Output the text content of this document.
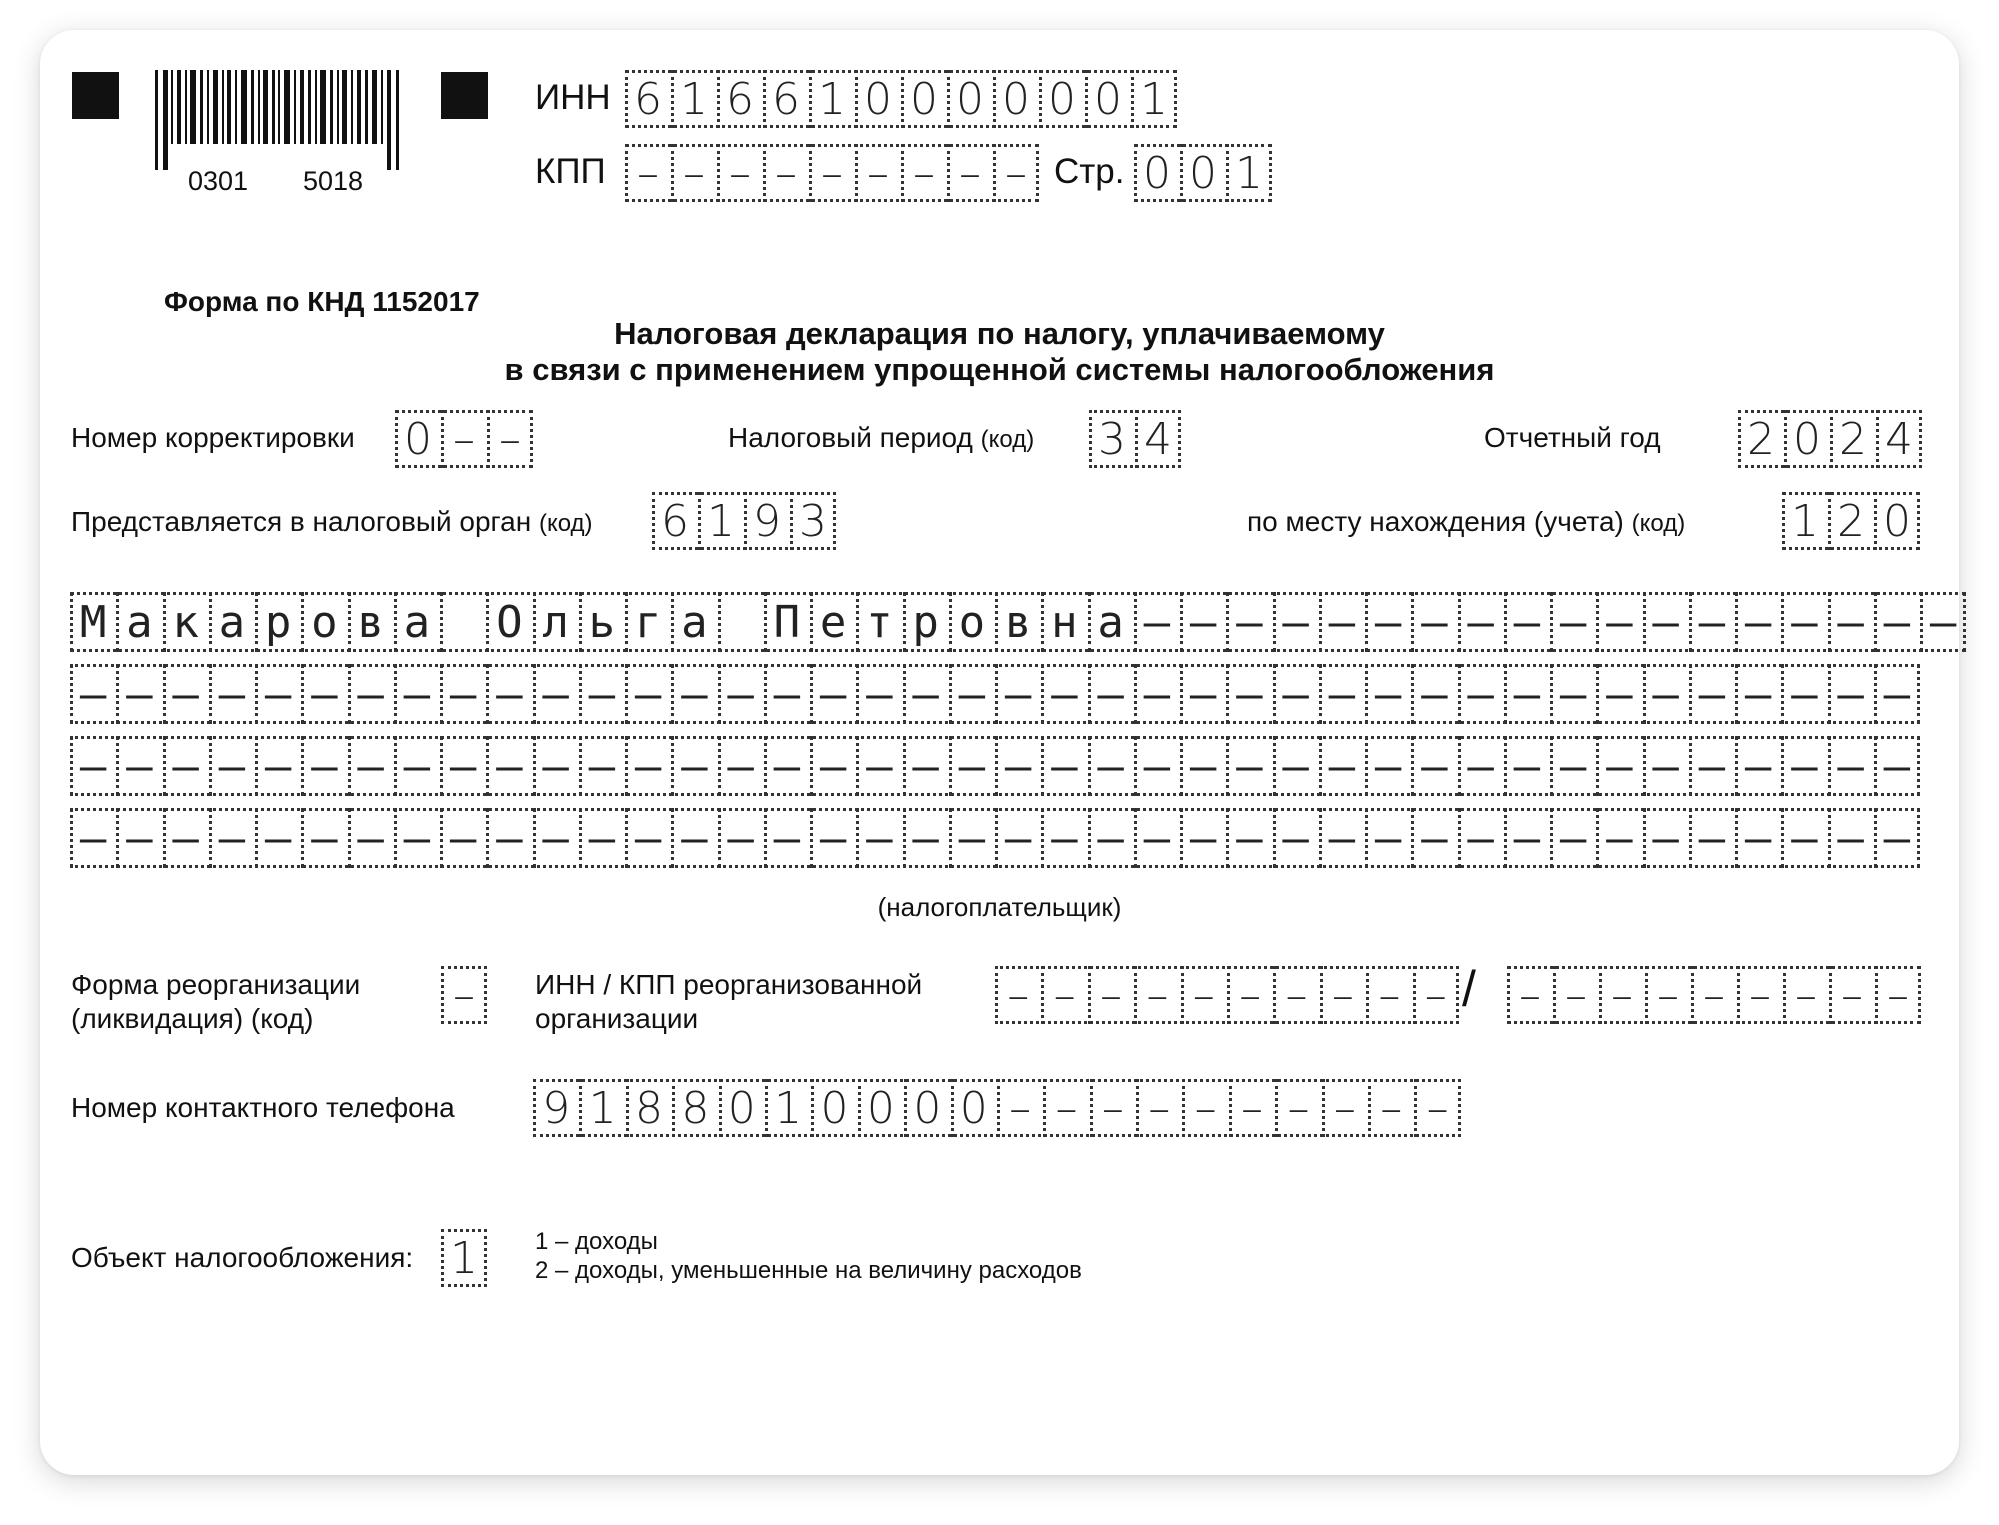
0301 5018
ИНН 6 1 6 6 1 0 0 0 0 0 0 1
КПП – – – – – – – – – Стр. 0 0 1
Форма по КНД 1152017
Налоговая декларация по налогу, уплачиваемому
в связи с применением упрощенной системы налогообложения
Номер корректировки 0 – –	Налоговый период (код) 3 4	Отчетный год 2 0 2 4
Представляется в налоговый орган (код) 6 1 9 3	по месту нахождения (учета) (код) 1 2 0
М а к а р о в а О л ь г а П е т р о в н а – – – – – – – – – – – – – – – – – –
– – – – – – – – – – – – – – – – – – – – – – – – – – – – – – – – – – – – – – – –
– – – – – – – – – – – – – – – – – – – – – – – – – – – – – – – – – – – – – – – –
– – – – – – – – – – – – – – – – – – – – – – – – – – – – – – – – – – – – – – – –
(налогоплательщик)
Форма реорганизации
(ликвидация) (код)	–	ИНН / КПП реорганизованной
организации	– – – – – – – – – – / – – – – – – – – –
Номер контактного телефона 9 1 8 8 0 1 0 0 0 0 – – – – – – – – – –
Объект налогообложения: 1	1 – доходы
2 – доходы, уменьшенные на величину расходов
